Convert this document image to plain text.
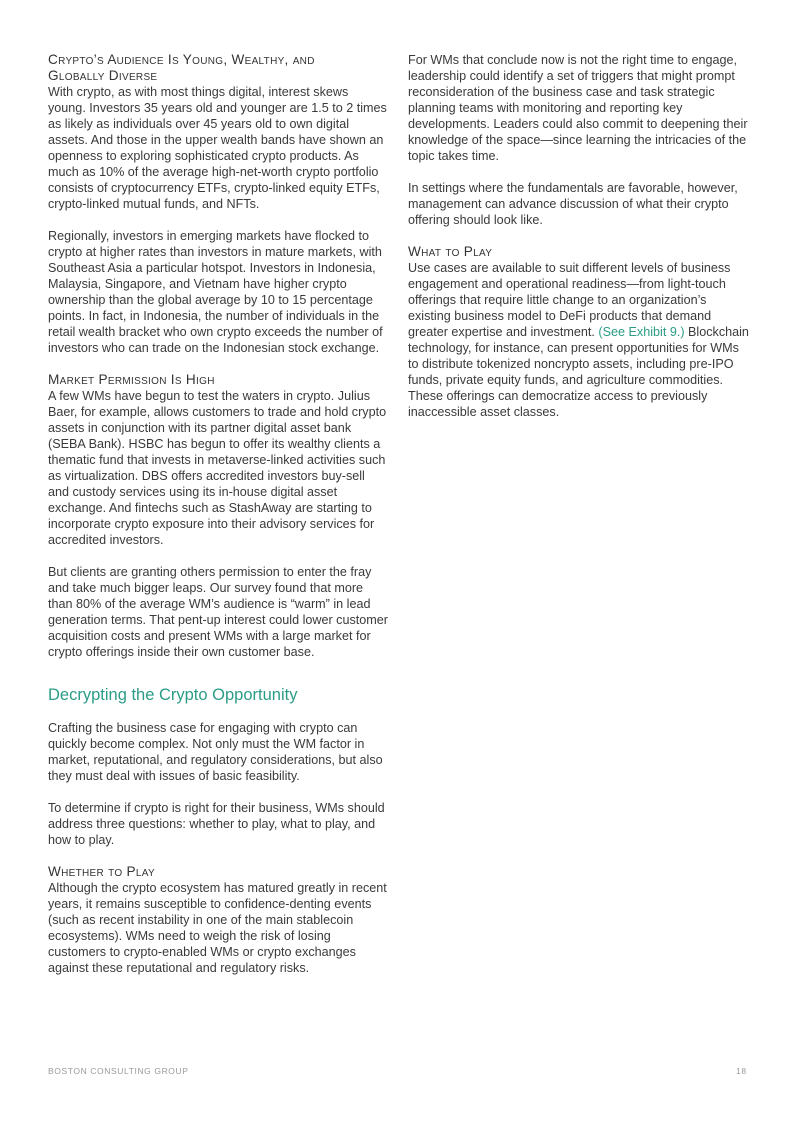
Crypto’s Audience Is Young, Wealthy, and
Globally Diverse

With crypto, as with most things digital, interest skews young. Investors 35 years old and younger are 1.5 to 2 times as likely as individuals over 45 years old to own digital assets. And those in the upper wealth bands have shown an openness to exploring sophisticated crypto products. As much as 10% of the average high-net-worth crypto portfolio consists of cryptocurrency ETFs, crypto-linked equity ETFs, crypto-linked mutual funds, and NFTs.

Regionally, investors in emerging markets have flocked to crypto at higher rates than investors in mature markets, with Southeast Asia a particular hotspot. Investors in Indonesia, Malaysia, Singapore, and Vietnam have higher crypto ownership than the global average by 10 to 15 percentage points. In fact, in Indonesia, the number of individuals in the retail wealth bracket who own crypto exceeds the number of investors who can trade on the Indonesian stock exchange.

Market Permission Is High

A few WMs have begun to test the waters in crypto. Julius Baer, for example, allows customers to trade and hold crypto assets in conjunction with its partner digital asset bank (SEBA Bank). HSBC has begun to offer its wealthy clients a thematic fund that invests in metaverse-linked activities such as virtualization. DBS offers accredited investors buy-sell and custody services using its in-house digital asset exchange. And fintechs such as StashAway are starting to incorporate crypto exposure into their advisory services for accredited investors.

But clients are granting others permission to enter the fray and take much bigger leaps. Our survey found that more than 80% of the average WM’s audience is “warm” in lead generation terms. That pent-up interest could lower customer acquisition costs and present WMs with a large market for crypto offerings inside their own customer base.

Decrypting the Crypto Opportunity

Crafting the business case for engaging with crypto can quickly become complex. Not only must the WM factor in market, reputational, and regulatory considerations, but also they must deal with issues of basic feasibility.

To determine if crypto is right for their business, WMs should address three questions: whether to play, what to play, and how to play.

Whether to Play

Although the crypto ecosystem has matured greatly in recent years, it remains susceptible to confidence-denting events (such as recent instability in one of the main stablecoin ecosystems). WMs need to weigh the risk of losing customers to crypto-enabled WMs or crypto exchanges against these reputational and regulatory risks.

For WMs that conclude now is not the right time to engage, leadership could identify a set of triggers that might prompt reconsideration of the business case and task strategic planning teams with monitoring and reporting key developments. Leaders could also commit to deepening their knowledge of the space—since learning the intricacies of the topic takes time.

In settings where the fundamentals are favorable, however, management can advance discussion of what their crypto offering should look like.

What to Play

Use cases are available to suit different levels of business engagement and operational readiness—from light-touch offerings that require little change to an organization’s existing business model to DeFi products that demand greater expertise and investment. (See Exhibit 9.) Blockchain technology, for instance, can present opportunities for WMs to distribute tokenized noncrypto assets, including pre-IPO funds, private equity funds, and agriculture commodities. These offerings can democratize access to previously inaccessible asset classes.

BOSTON CONSULTING GROUP	18
